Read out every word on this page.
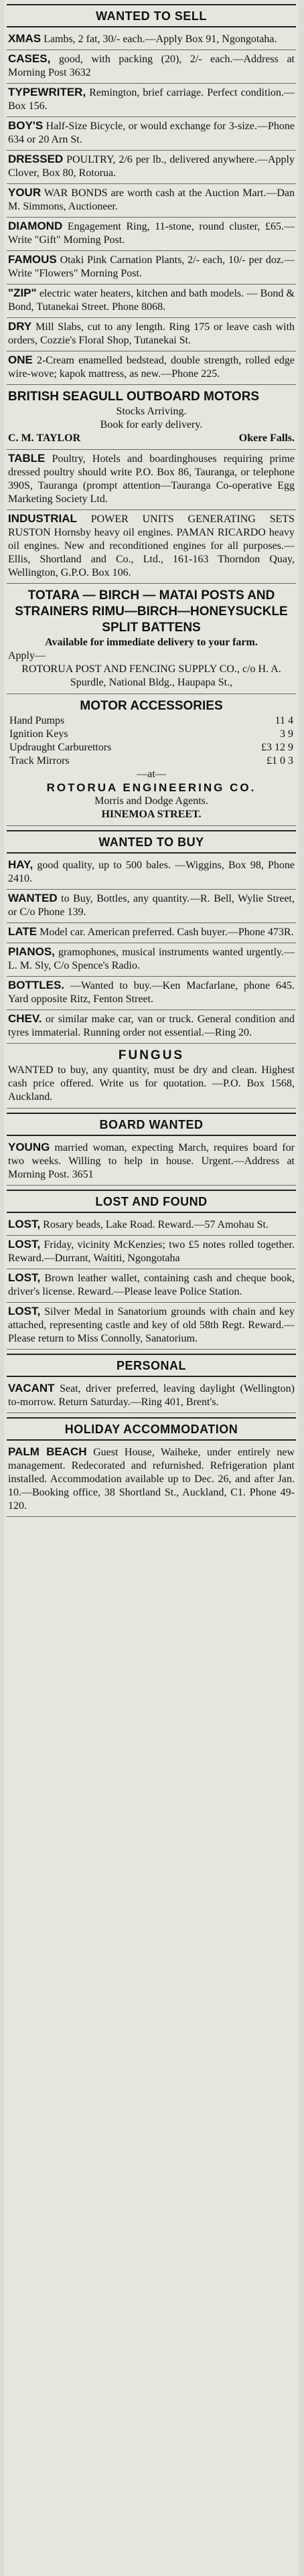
WANTED TO SELL
XMAS Lambs, 2 fat, 30/- each.—Apply Box 91, Ngongotaha.
CASES, good, with packing (20), 2/- each.—Address at Morning Post 3632
TYPEWRITER, Remington, brief carriage. Perfect condition.—Box 156.
BOY'S Half-Size Bicycle, or would exchange for 3-size.—Phone 634 or 20 Arn St.
DRESSED POULTRY, 2/6 per lb., delivered anywhere.—Apply Clover, Box 80, Rotorua.
YOUR WAR BONDS are worth cash at the Auction Mart.—Dan M. Simmons, Auctioneer.
DIAMOND Engagement Ring, 11-stone, round cluster, £65.—Write "Gift" Morning Post.
FAMOUS Otaki Pink Carnation Plants, 2/- each, 10/- per doz.—Write "Flowers" Morning Post.
"ZIP" electric water heaters, kitchen and bath models. — Bond & Bond, Tutanekai Street. Phone 8068.
DRY Mill Slabs, cut to any length. Ring 175 or leave cash with orders, Cozzie's Floral Shop, Tutanekai St.
ONE 2-Cream enamelled bedstead, double strength, rolled edge wire-wove; kapok mattress, as new.—Phone 225.
BRITISH SEAGULL OUTBOARD MOTORS
Stocks Arriving.
Book for early delivery.
C. M. TAYLOR	Okere Falls.
TABLE Poultry, Hotels and boardinghouses requiring prime dressed poultry should write P.O. Box 86, Tauranga, or telephone 390S, Tauranga (prompt attention—Tauranga Co-operative Egg Marketing Society Ltd.
INDUSTRIAL POWER UNITS GENERATING SETS RUSTON Hornsby heavy oil engines. PAMAN RICARDO heavy oil engines. New and reconditioned engines for all purposes.—Ellis, Shortland and Co., Ltd., 161-163 Thorndon Quay, Wellington, G.P.O. Box 106.
TOTARA — BIRCH — MATAI POSTS AND STRAINERS RIMU—BIRCH—HONEYSUCKLE SPLIT BATTENS
Available for immediate delivery to your farm.
Apply—
ROTORUA POST AND FENCING SUPPLY CO., c/o H. A. Spurdle, National Bldg., Haupapa St.,
MOTOR ACCESSORIES
Hand Pumps	11 4
Ignition Keys	3 9
Updraught Carburettors	£3 12 9
Track Mirrors	£1 0 3
—at—
ROTORUA ENGINEERING CO.
Morris and Dodge Agents.
HINEMOA STREET.
WANTED TO BUY
HAY, good quality, up to 500 bales. —Wiggins, Box 98, Phone 2410.
WANTED to Buy, Bottles, any quantity.—R. Bell, Wylie Street, or C/o Phone 139.
LATE Model car. American preferred. Cash buyer.—Phone 473R.
PIANOS, gramophones, musical instruments wanted urgently.—L. M. Sly, C/o Spence's Radio.
BOTTLES. —Wanted to buy.—Ken Macfarlane, phone 645. Yard opposite Ritz, Fenton Street.
CHEV. or similar make car, van or truck. General condition and tyres immaterial. Running order not essential.—Ring 20.
FUNGUS
WANTED to buy, any quantity, must be dry and clean. Highest cash price offered. Write us for quotation. —P.O. Box 1568, Auckland.
BOARD WANTED
YOUNG married woman, expecting March, requires board for two weeks. Willing to help in house. Urgent.—Address at Morning Post. 3651
LOST AND FOUND
LOST, Rosary beads, Lake Road. Reward.—57 Amohau St.
LOST, Friday, vicinity McKenzies; two £5 notes rolled together. Reward.—Durrant, Waititi, Ngongotaha
LOST, Brown leather wallet, containing cash and cheque book, driver's license. Reward.—Please leave Police Station.
LOST, Silver Medal in Sanatorium grounds with chain and key attached, representing castle and key of old 58th Regt. Reward.—Please return to Miss Connolly, Sanatorium.
PERSONAL
VACANT Seat, driver preferred, leaving daylight (Wellington) to-morrow. Return Saturday.—Ring 401, Brent's.
HOLIDAY ACCOMMODATION
PALM BEACH Guest House, Waiheke, under entirely new management. Redecorated and refurnished. Refrigeration plant installed. Accommodation available up to Dec. 26, and after Jan. 10.—Booking office, 38 Shortland St., Auckland, C1. Phone 49-120.
